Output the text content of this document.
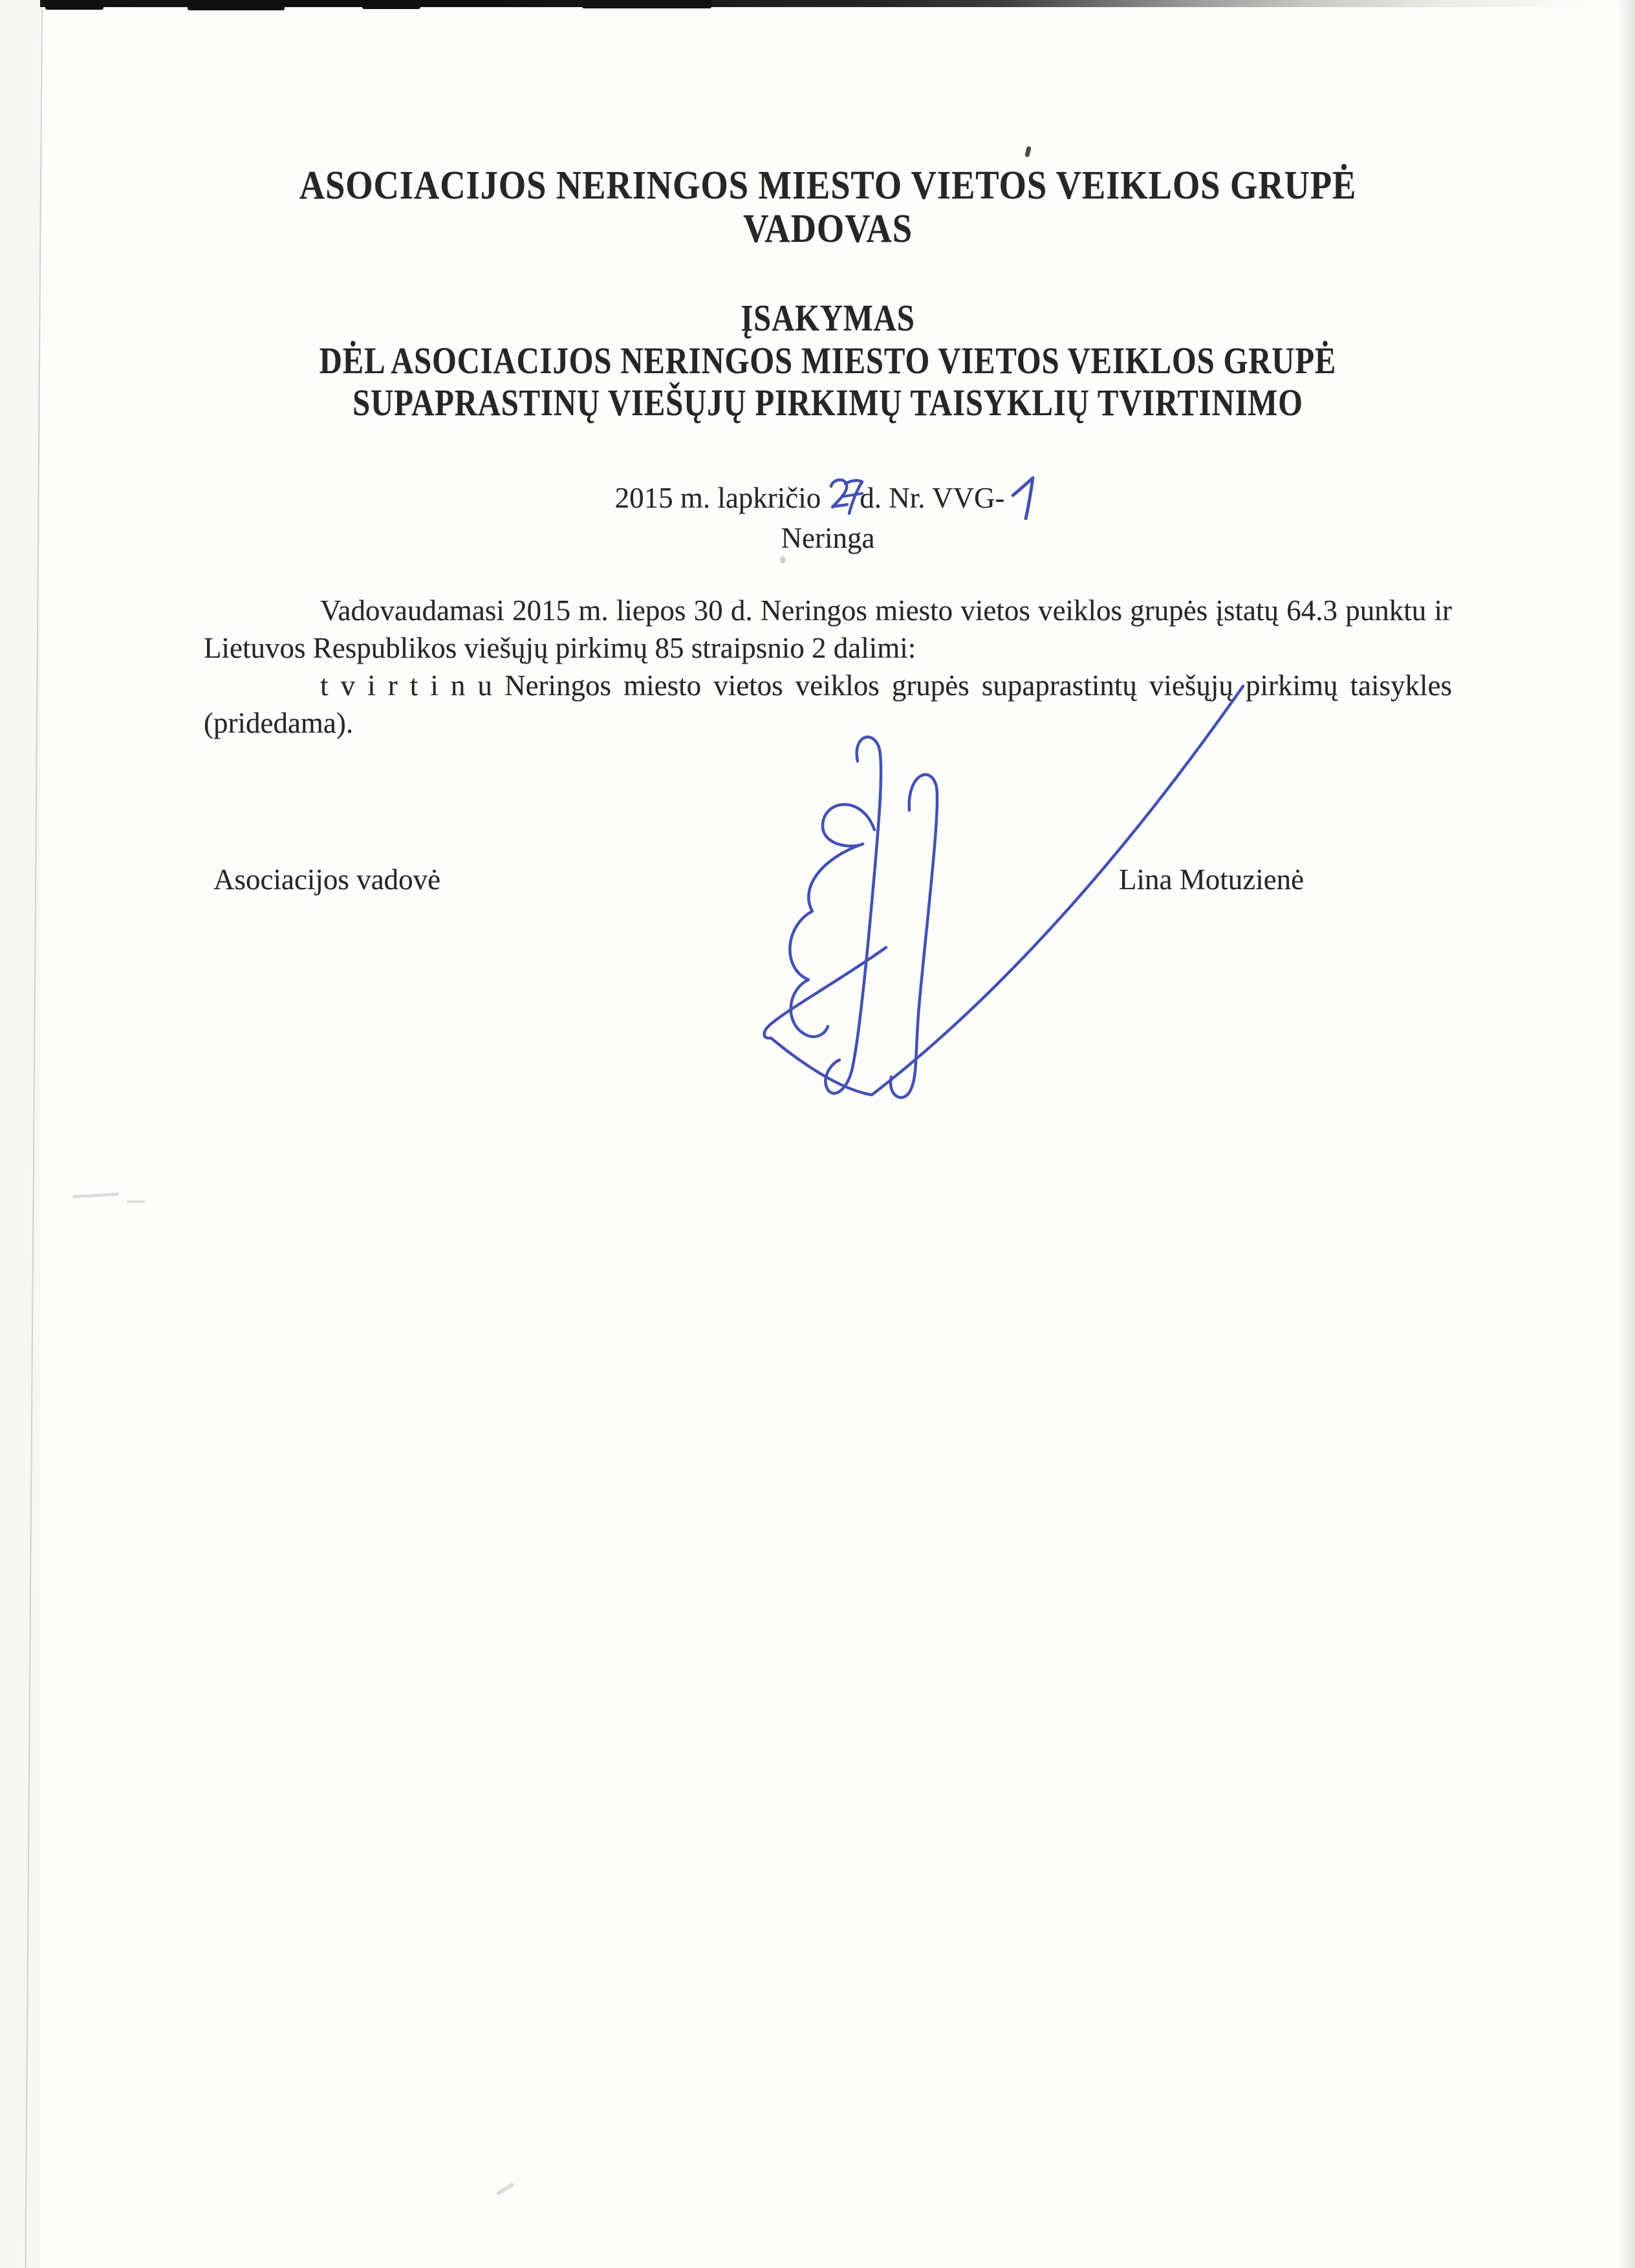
ASOCIACIJOS NERINGOS MIESTO VIETOS VEIKLOS GRUPĖ
VADOVAS
ĮSAKYMAS
DĖL ASOCIACIJOS NERINGOS MIESTO VIETOS VEIKLOS GRUPĖ
SUPAPRASTINŲ VIEŠŲJŲ PIRKIMŲ TAISYKLIŲ TVIRTINIMO
2015 m. lapkričio d. Nr. VVG-
Neringa

Vadovaudamasi 2015 m. liepos 30 d. Neringos miesto vietos veiklos grupės įstatų 64.3 punktu ir Lietuvos Respublikos viešųjų pirkimų 85 straipsnio 2 dalimi:

t v i r t i n u Neringos miesto vietos veiklos grupės supaprastintų viešųjų pirkimų taisykles (pridedama).

Asociacijos vadovė	Lina Motuzienė
